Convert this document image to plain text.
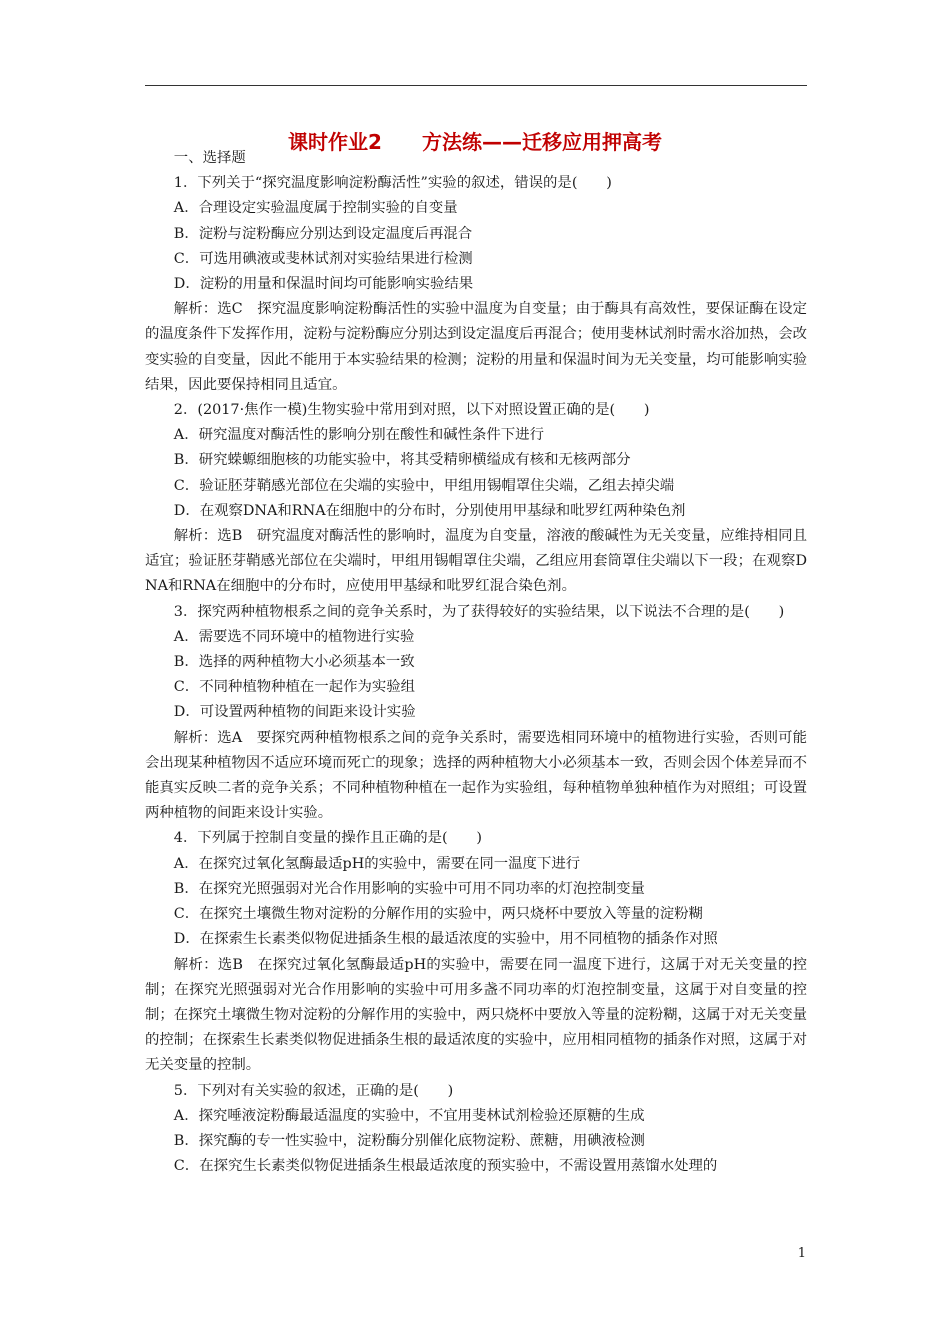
课时作业2　　方法练——迁移应用押高考

一、选择题

1．下列关于“探究温度影响淀粉酶活性”实验的叙述，错误的是(　　)

A．合理设定实验温度属于控制实验的自变量

B．淀粉与淀粉酶应分别达到设定温度后再混合

C．可选用碘液或斐林试剂对实验结果进行检测

D．淀粉的用量和保温时间均可能影响实验结果

解析：选C　探究温度影响淀粉酶活性的实验中温度为自变量；由于酶具有高效性，要保证酶在设定的温度条件下发挥作用，淀粉与淀粉酶应分别达到设定温度后再混合；使用斐林试剂时需水浴加热，会改变实验的自变量，因此不能用于本实验结果的检测；淀粉的用量和保温时间为无关变量，均可能影响实验结果，因此要保持相同且适宜。

2．(2017·焦作一模)生物实验中常用到对照，以下对照设置正确的是(　　)

A．研究温度对酶活性的影响分别在酸性和碱性条件下进行

B．研究蝾螈细胞核的功能实验中，将其受精卵横缢成有核和无核两部分

C．验证胚芽鞘感光部位在尖端的实验中，甲组用锡帽罩住尖端，乙组去掉尖端

D．在观察DNA和RNA在细胞中的分布时，分别使用甲基绿和吡罗红两种染色剂

解析：选B　研究温度对酶活性的影响时，温度为自变量，溶液的酸碱性为无关变量，应维持相同且适宜；验证胚芽鞘感光部位在尖端时，甲组用锡帽罩住尖端，乙组应用套筒罩住尖端以下一段；在观察DNA和RNA在细胞中的分布时，应使用甲基绿和吡罗红混合染色剂。

3．探究两种植物根系之间的竞争关系时，为了获得较好的实验结果，以下说法不合理的是(　　)

A．需要选不同环境中的植物进行实验

B．选择的两种植物大小必须基本一致

C．不同种植物种植在一起作为实验组

D．可设置两种植物的间距来设计实验

解析：选A　要探究两种植物根系之间的竞争关系时，需要选相同环境中的植物进行实验，否则可能会出现某种植物因不适应环境而死亡的现象；选择的两种植物大小必须基本一致，否则会因个体差异而不能真实反映二者的竞争关系；不同种植物种植在一起作为实验组，每种植物单独种植作为对照组；可设置两种植物的间距来设计实验。

4．下列属于控制自变量的操作且正确的是(　　)

A．在探究过氧化氢酶最适pH的实验中，需要在同一温度下进行

B．在探究光照强弱对光合作用影响的实验中可用不同功率的灯泡控制变量

C．在探究土壤微生物对淀粉的分解作用的实验中，两只烧杯中要放入等量的淀粉糊

D．在探索生长素类似物促进插条生根的最适浓度的实验中，用不同植物的插条作对照

解析：选B　在探究过氧化氢酶最适pH的实验中，需要在同一温度下进行，这属于对无关变量的控制；在探究光照强弱对光合作用影响的实验中可用多盏不同功率的灯泡控制变量，这属于对自变量的控制；在探究土壤微生物对淀粉的分解作用的实验中，两只烧杯中要放入等量的淀粉糊，这属于对无关变量的控制；在探索生长素类似物促进插条生根的最适浓度的实验中，应用相同植物的插条作对照，这属于对无关变量的控制。

5．下列对有关实验的叙述，正确的是(　　)

A．探究唾液淀粉酶最适温度的实验中，不宜用斐林试剂检验还原糖的生成

B．探究酶的专一性实验中，淀粉酶分别催化底物淀粉、蔗糖，用碘液检测

C．在探究生长素类似物促进插条生根最适浓度的预实验中，不需设置用蒸馏水处理的

1
